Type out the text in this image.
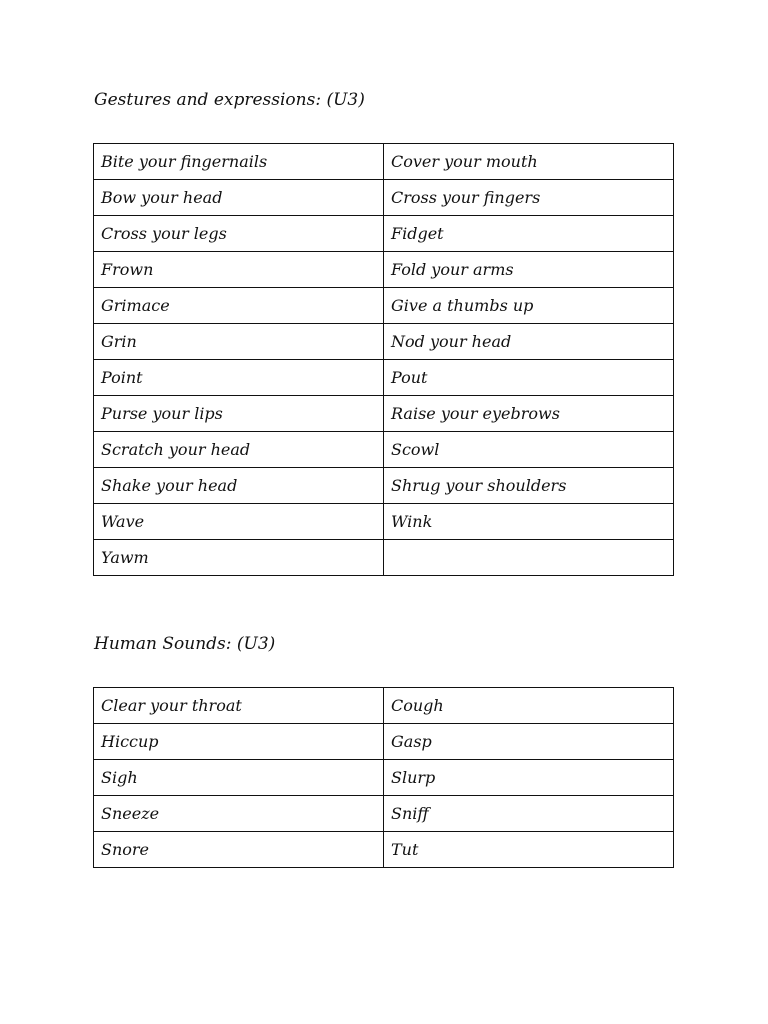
Gestures and expressions: (U3)
Bite your fingernails	Cover your mouth
Bow your head	Cross your fingers
Cross your legs	Fidget
Frown	Fold your arms
Grimace	Give a thumbs up
Grin	Nod your head
Point	Pout
Purse your lips	Raise your eyebrows
Scratch your head	Scowl
Shake your head	Shrug your shoulders
Wave	Wink
Yawm	
Human Sounds: (U3)
Clear your throat	Cough
Hiccup	Gasp
Sigh	Slurp
Sneeze	Sniff
Snore	Tut
